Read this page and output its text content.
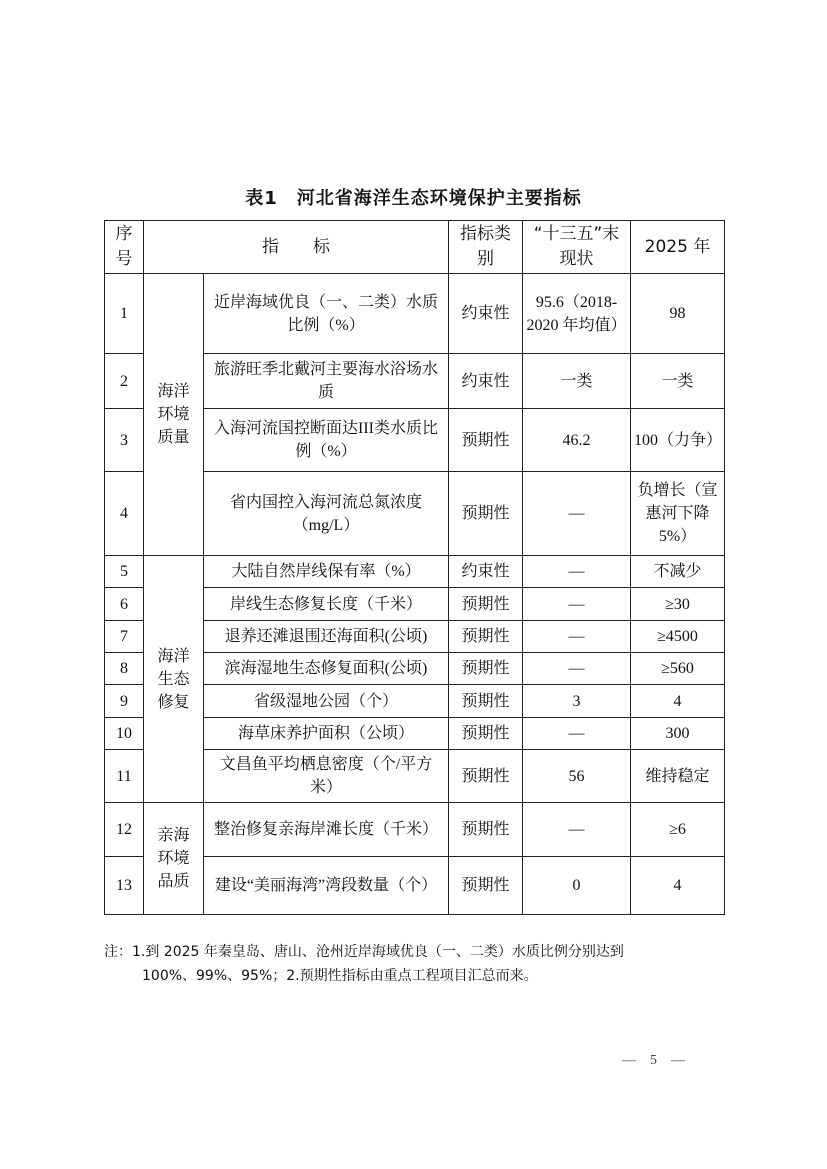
表1　河北省海洋生态环境保护主要指标
序号	指　　标		指标类别	“十三五”末现状	2025 年
1	海洋环境质量	近岸海域优良（一、二类）水质比例（%）	约束性	95.6（2018-2020 年均值）	98
2		旅游旺季北戴河主要海水浴场水质	约束性	一类	一类
3		入海河流国控断面达III类水质比例（%）	预期性	46.2	100（力争）
4		省内国控入海河流总氮浓度（mg/L）	预期性	—	负增长（宣惠河下降 5%）
5	海洋生态修复	大陆自然岸线保有率（%）	约束性	—	不减少
6		岸线生态修复长度（千米）	预期性	—	≥30
7		退养还滩退围还海面积(公顷)	预期性	—	≥4500
8		滨海湿地生态修复面积(公顷)	预期性	—	≥560
9		省级湿地公园（个）	预期性	3	4
10		海草床养护面积（公顷）	预期性	—	300
11		文昌鱼平均栖息密度（个/平方米）	预期性	56	维持稳定
12	亲海环境品质	整治修复亲海岸滩长度（千米）	预期性	—	≥6
13		建设“美丽海湾”湾段数量（个）	预期性	0	4
注：1.到 2025 年秦皇岛、唐山、沧州近岸海域优良（一、二类）水质比例分别达到
100%、99%、95%；2.预期性指标由重点工程项目汇总而来。
—　5　—
